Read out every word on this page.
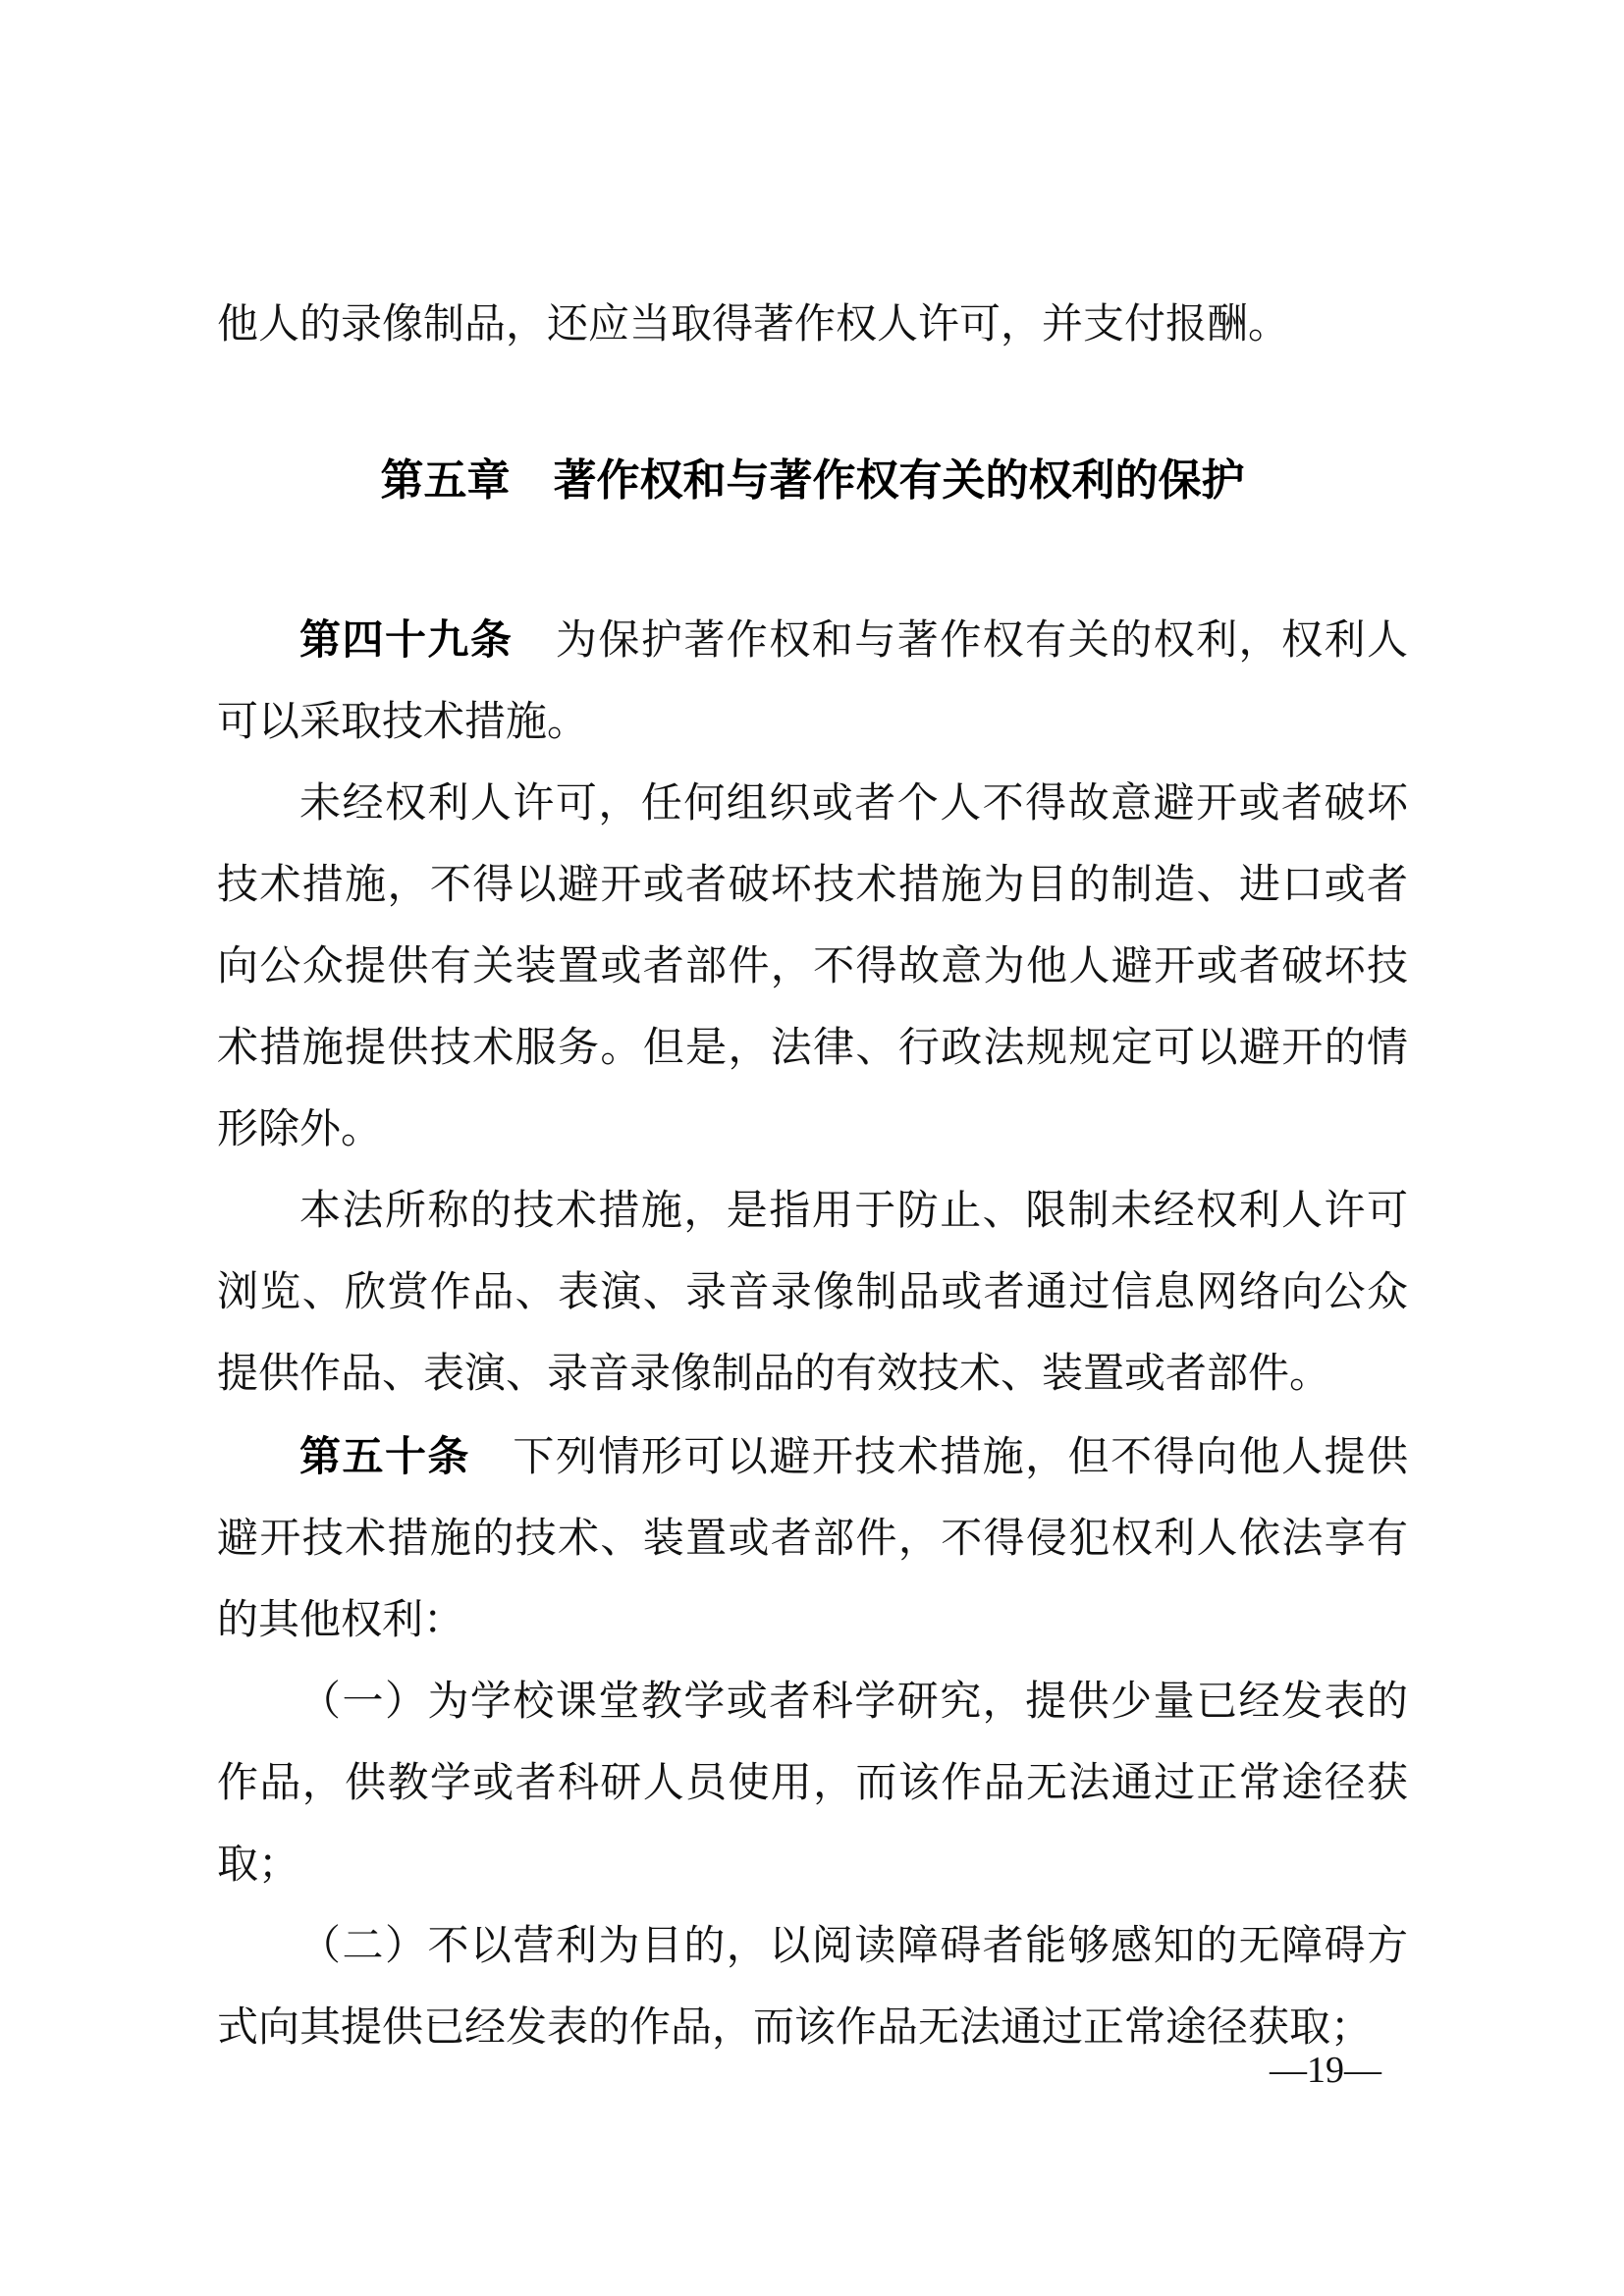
他人的录像制品，还应当取得著作权人许可，并支付报酬。

第五章　著作权和与著作权有关的权利的保护

第四十九条　为保护著作权和与著作权有关的权利，权利人可以采取技术措施。

未经权利人许可，任何组织或者个人不得故意避开或者破坏技术措施，不得以避开或者破坏技术措施为目的制造、进口或者向公众提供有关装置或者部件，不得故意为他人避开或者破坏技术措施提供技术服务。但是，法律、行政法规规定可以避开的情形除外。

本法所称的技术措施，是指用于防止、限制未经权利人许可浏览、欣赏作品、表演、录音录像制品或者通过信息网络向公众提供作品、表演、录音录像制品的有效技术、装置或者部件。

第五十条　下列情形可以避开技术措施，但不得向他人提供避开技术措施的技术、装置或者部件，不得侵犯权利人依法享有的其他权利：

（一）为学校课堂教学或者科学研究，提供少量已经发表的作品，供教学或者科研人员使用，而该作品无法通过正常途径获取；

（二）不以营利为目的，以阅读障碍者能够感知的无障碍方式向其提供已经发表的作品，而该作品无法通过正常途径获取；

—19—
